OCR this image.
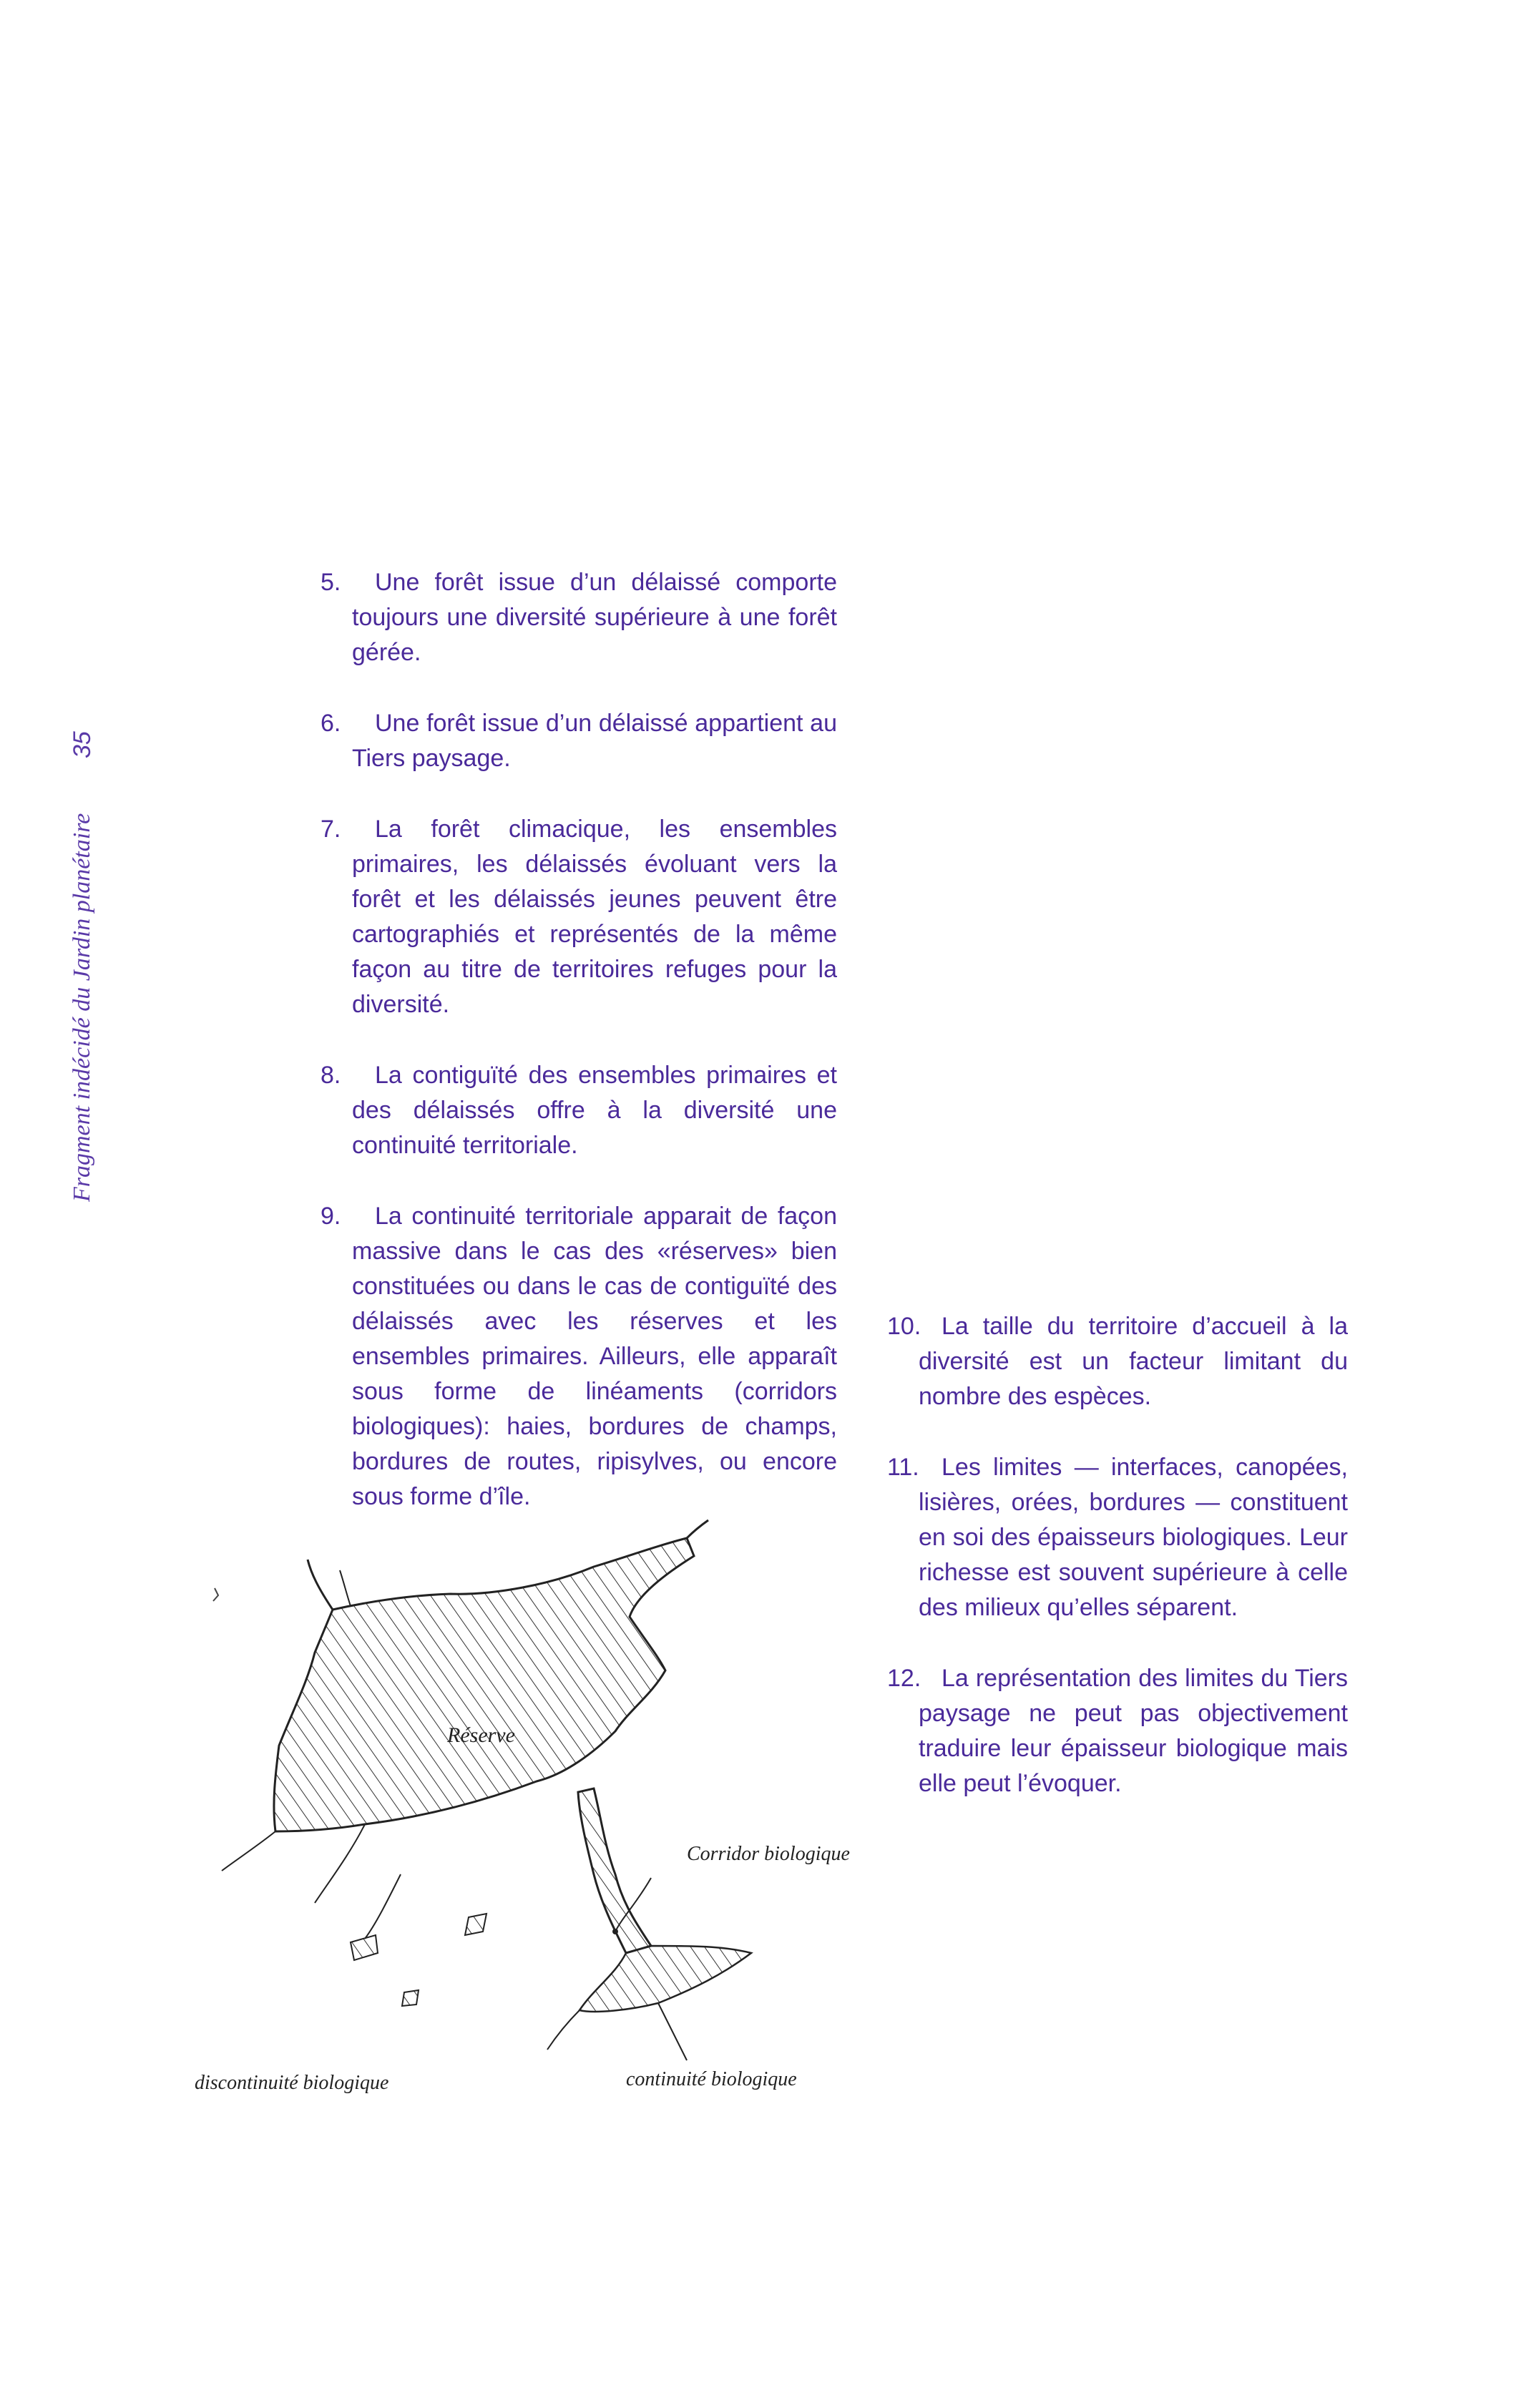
Fragment indécidé du Jardin planétaire
35

5. Une forêt issue d’un délaissé comporte toujours une diversité supérieure à une forêt gérée.

6. Une forêt issue d’un délaissé appartient au Tiers paysage.

7. La forêt climacique, les ensembles primaires, les délaissés évoluant vers la forêt et les délaissés jeunes peuvent être cartographiés et représentés de la même façon au titre de territoires refuges pour la diversité.

8. La contiguïté des ensembles primaires et des délaissés offre à la diversité une continuité territoriale.

9. La continuité territoriale apparait de façon massive dans le cas des «réserves» bien constituées ou dans le cas de contiguïté des délaissés avec les réserves et les ensembles primaires. Ailleurs, elle apparaît sous forme de linéaments (corridors biologiques): haies, bordures de champs, bordures de routes, ripisylves, ou encore sous forme d’île.

10. La taille du territoire d’accueil à la diversité est un facteur limitant du nombre des espèces.

11. Les limites — interfaces, canopées, lisières, orées, bordures — constituent en soi des épaisseurs biologiques. Leur richesse est souvent supérieure à celle des milieux qu’elles séparent.

12. La représentation des limites du Tiers paysage ne peut pas objectivement traduire leur épaisseur biologique mais elle peut l’évoquer.

Réserve
Corridor biologique
discontinuité biologique	continuité biologique
